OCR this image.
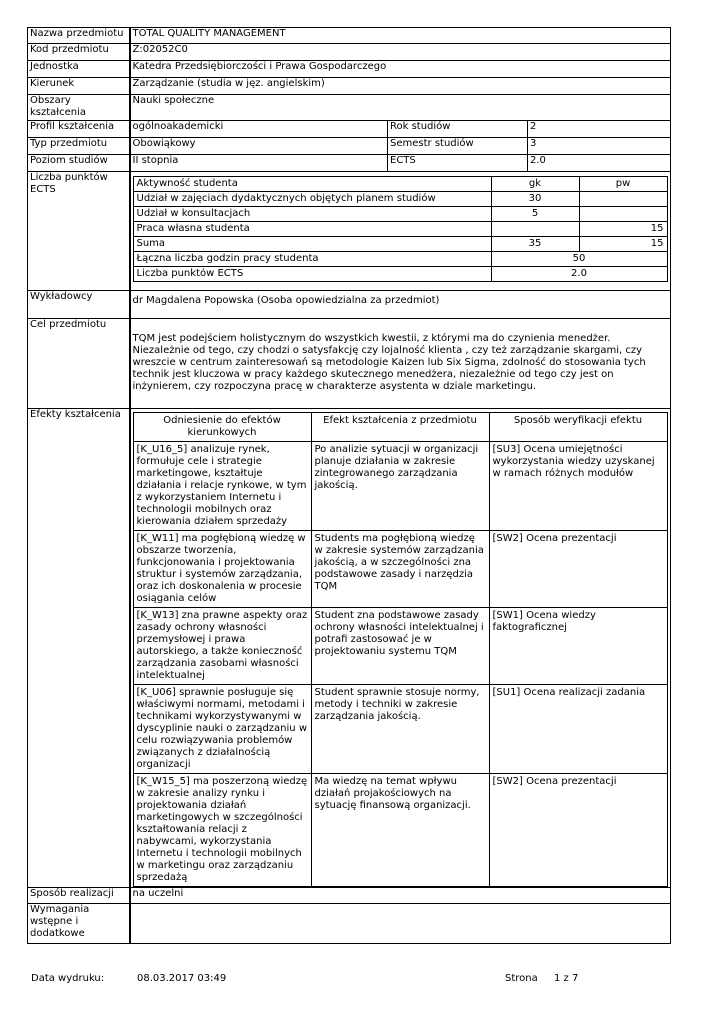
Nazwa przedmiotu	TOTAL QUALITY MANAGEMENT
Kod przedmiotu	Z:02052C0
Jednostka	Katedra Przedsiębiorczości i Prawa Gospodarczego
Kierunek	Zarządzanie (studia w jęz. angielskim)
Obszary kształcenia	Nauki społeczne
Profil kształcenia	ogólnoakademicki	Rok studiów	2
Typ przedmiotu	Obowiąkowy	Semestr studiów	3
Poziom studiów	II stopnia	ECTS	2.0
Liczba punktów ECTS	
Aktywność studenta	gk	pw
Udział w zajęciach dydaktycznych objętych planem studiów	30	
Udział w konsultacjach	5	
Praca własna studenta		15
Suma	35	15
Łączna liczba godzin pracy studenta	50
Liczba punktów ECTS	2.0

Wykładowcy	dr Magdalena Popowska (Osoba opowiedzialna za przedmiot)
Cel przedmiotu	TQM jest podejściem holistycznym do wszystkich kwestii, z którymi ma do czynienia menedżer. Niezależnie od tego, czy chodzi o satysfakcję czy lojalność klienta , czy też zarządzanie skargami, czy wreszcie w centrum zainteresowań są metodologie Kaizen lub Six Sigma, zdolność do stosowania tych technik jest kluczowa w pracy każdego skutecznego menedżera, niezależnie od tego czy jest on inżynierem, czy rozpoczyna pracę w charakterze asystenta w dziale marketingu.
Efekty kształcenia	
Odniesienie do efektów kierunkowych	Efekt kształcenia z przedmiotu	Sposób weryfikacji efektu
[K_U16_5] analizuje rynek, formułuje cele i strategie marketingowe, kształtuje działania i relacje rynkowe, w tym z wykorzystaniem Internetu i technologii mobilnych oraz kierowania działem sprzedaży	Po analizie sytuacji w organizacji planuje działania w zakresie zintegrowanego zarządzania jakością.	[SU3] Ocena umiejętności wykorzystania wiedzy uzyskanej w ramach różnych modułów
[K_W11] ma pogłębioną wiedzę w obszarze tworzenia, funkcjonowania i projektowania struktur i systemów zarządzania, oraz ich doskonalenia w procesie osiągania celów	Students ma pogłębioną wiedzę w zakresie systemów zarządzania jakością, a w szczególności zna podstawowe zasady i narzędzia TQM	[SW2] Ocena prezentacji
[K_W13] zna prawne aspekty oraz zasady ochrony własności przemysłowej i prawa autorskiego, a także konieczność zarządzania zasobami własności intelektualnej	Student zna podstawowe zasady ochrony własności intelektualnej i potrafi zastosować je w projektowaniu systemu TQM	[SW1] Ocena wiedzy faktograficznej
[K_U06] sprawnie posługuje się właściwymi normami, metodami i technikami wykorzystywanymi w dyscyplinie nauki o zarządzaniu w celu rozwiązywania problemów związanych z działalnością organizacji	Student sprawnie stosuje normy, metody i techniki w zakresie zarządzania jakością.	[SU1] Ocena realizacji zadania
[K_W15_5] ma poszerzoną wiedzę w zakresie analizy rynku i projektowania działań marketingowych w szczególności kształtowania relacji z nabywcami, wykorzystania Internetu i technologii mobilnych w marketingu oraz zarządzaniu sprzedażą	Ma wiedzę na temat wpływu działań projakościowych na sytuację finansową organizacji.	[SW2] Ocena prezentacji

Sposób realizacji	na uczelni
Wymagania wstępne i dodatkowe	
Data wydruku:	08.03.2017 03:49	Strona 1 z 7
